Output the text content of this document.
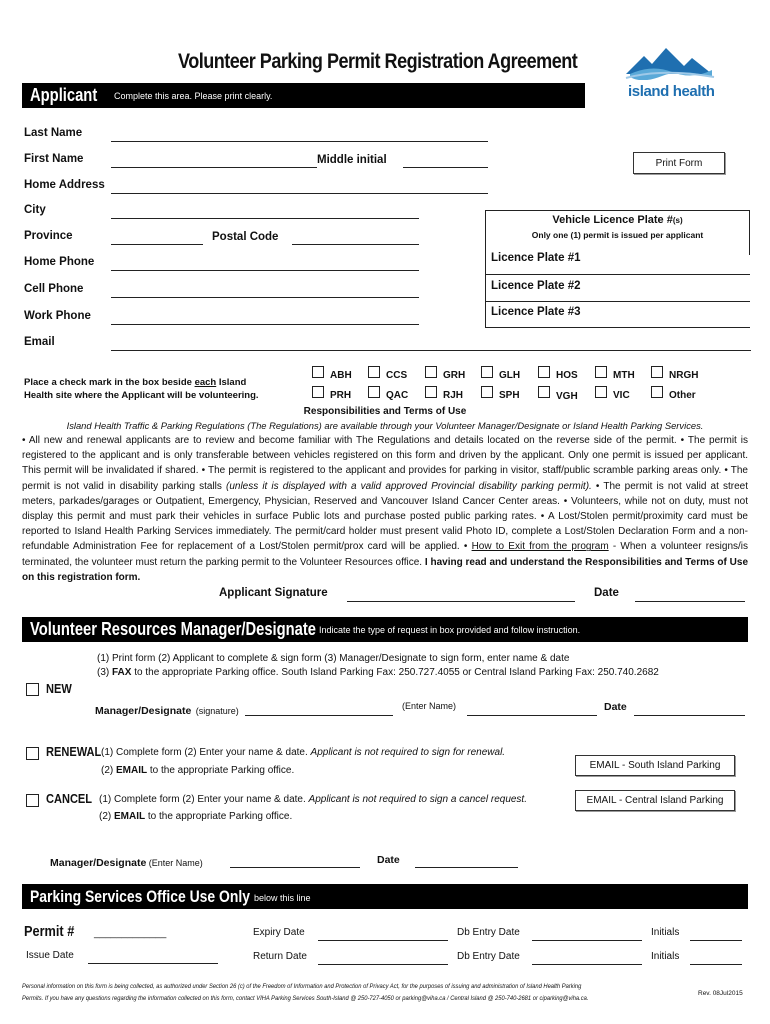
Volunteer Parking Permit Registration Agreement
island health
Applicant Complete this area. Please print clearly.
Last Name
First Name	Middle initial	Print Form
Home Address
City
Province	Postal Code
Home Phone
Cell Phone
Work Phone
Email
Vehicle Licence Plate #(s)
Only one (1) permit is issued per applicant
Licence Plate #1
Licence Plate #2
Licence Plate #3
Place a check mark in the box beside each Island
Health site where the Applicant will be volunteering.
ABH	CCS	GRH	GLH	HOS	MTH	NRGH
PRH	QAC	RJH	SPH	VGH	VIC	Other
Responsibilities and Terms of Use
Island Health Traffic & Parking Regulations (The Regulations) are available through your Volunteer Manager/Designate or Island Health Parking Services.
• All new and renewal applicants are to review and become familiar with The Regulations and details located on the reverse side of the permit. • The permit is registered to the applicant and is only transferable between vehicles registered on this form and driven by the applicant. Only one permit is issued per applicant. This permit will be invalidated if shared. • The permit is registered to the applicant and provides for parking in visitor, staff/public scramble parking areas only. • The permit is not valid in disability parking stalls (unless it is displayed with a valid approved Provincial disability parking permit). • The permit is not valid at street meters, parkades/garages or Outpatient, Emergency, Physician, Reserved and Vancouver Island Cancer Center areas. • Volunteers, while not on duty, must not display this permit and must park their vehicles in surface Public lots and purchase posted public parking rates. • A Lost/Stolen permit/proximity card must be reported to Island Health Parking Services immediately. The permit/card holder must present valid Photo ID, complete a Lost/Stolen Declaration Form and a non-refundable Administration Fee for replacement of a Lost/Stolen permit/prox card will be applied. • How to Exit from the program - When a volunteer resigns/is terminated, the volunteer must return the parking permit to the Volunteer Resources office. I having read and understand the Responsibilities and Terms of Use on this registration form.
Applicant Signature	Date
Volunteer Resources Manager/Designate Indicate the type of request in box provided and follow instruction.
(1) Print form (2) Applicant to complete & sign form (3) Manager/Designate to sign form, enter name & date
(3) FAX to the appropriate Parking office. South Island Parking Fax: 250.727.4055 or Central Island Parking Fax: 250.740.2682
NEW
Manager/Designate (signature)	(Enter Name)	Date
RENEWAL (1) Complete form (2) Enter your name & date. Applicant is not required to sign for renewal.
(2) EMAIL to the appropriate Parking office.	EMAIL - South Island Parking
CANCEL (1) Complete form (2) Enter your name & date. Applicant is not required to sign a cancel request.
(2) EMAIL to the appropriate Parking office.
EMAIL - Central Island Parking
Manager/Designate (Enter Name)	Date
Parking Services Office Use Only below this line
Permit # _____________	Expiry Date	Db Entry Date	Initials
Issue Date	Return Date	Db Entry Date	Initials
Personal information on this form is being collected, as authorized under Section 26 (c) of the Freedom of Information and Protection of Privacy Act, for the purposes of issuing and administration of Island Health Parking
Permits. If you have any questions regarding the information collected on this form, contact VIHA Parking Services South-Island @ 250-727-4050 or parking@viha.ca / Central Island @ 250-740-2681 or ciparking@viha.ca.
Rev. 08Jul2015
